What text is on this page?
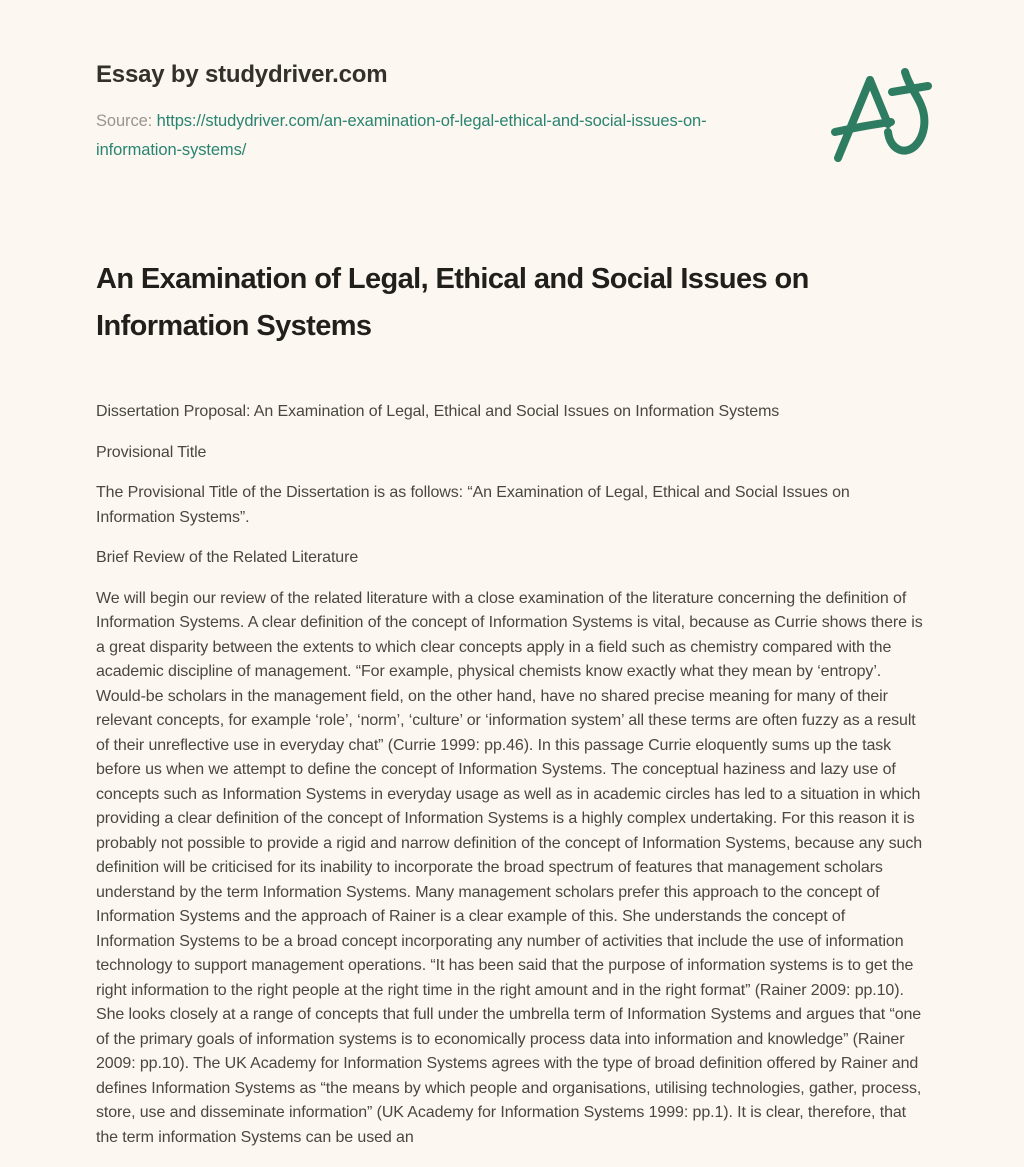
Essay by studydriver.com

Source: https://studydriver.com/an-examination-of-legal-ethical-and-social-issues-on-information-systems/

An Examination of Legal, Ethical and Social Issues on Information Systems

Dissertation Proposal: An Examination of Legal, Ethical and Social Issues on Information Systems

Provisional Title

The Provisional Title of the Dissertation is as follows: “An Examination of Legal, Ethical and Social Issues on Information Systems”.

Brief Review of the Related Literature

We will begin our review of the related literature with a close examination of the literature concerning the definition of Information Systems. A clear definition of the concept of Information Systems is vital, because as Currie shows there is a great disparity between the extents to which clear concepts apply in a field such as chemistry compared with the academic discipline of management. “For example, physical chemists know exactly what they mean by ‘entropy’. Would-be scholars in the management field, on the other hand, have no shared precise meaning for many of their relevant concepts, for example ‘role’, ‘norm’, ‘culture’ or ‘information system’ all these terms are often fuzzy as a result of their unreflective use in everyday chat” (Currie 1999: pp.46). In this passage Currie eloquently sums up the task before us when we attempt to define the concept of Information Systems. The conceptual haziness and lazy use of concepts such as Information Systems in everyday usage as well as in academic circles has led to a situation in which providing a clear definition of the concept of Information Systems is a highly complex undertaking. For this reason it is probably not possible to provide a rigid and narrow definition of the concept of Information Systems, because any such definition will be criticised for its inability to incorporate the broad spectrum of features that management scholars understand by the term Information Systems. Many management scholars prefer this approach to the concept of Information Systems and the approach of Rainer is a clear example of this. She understands the concept of Information Systems to be a broad concept incorporating any number of activities that include the use of information technology to support management operations. “It has been said that the purpose of information systems is to get the right information to the right people at the right time in the right amount and in the right format” (Rainer 2009: pp.10). She looks closely at a range of concepts that full under the umbrella term of Information Systems and argues that “one of the primary goals of information systems is to economically process data into information and knowledge” (Rainer 2009: pp.10). The UK Academy for Information Systems agrees with the type of broad definition offered by Rainer and defines Information Systems as “the means by which people and organisations, utilising technologies, gather, process, store, use and disseminate information” (UK Academy for Information Systems 1999: pp.1). It is clear, therefore, that the term information Systems can be used an
